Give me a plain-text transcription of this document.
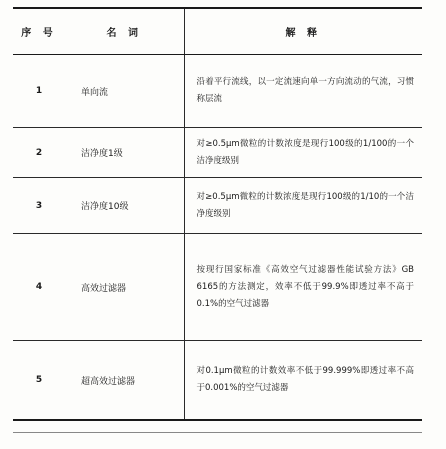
序 号	名 词	解 释
1	单向流	沿着平行流线，以一定流速向单一方向流动的气流，习惯称层流
2	洁净度1级	对≥0.5μm微粒的计数浓度是现行100级的1/100的一个洁净度级别
3	洁净度10级	对≥0.5μm微粒的计数浓度是现行100级的1/10的一个洁净度级别
4	高效过滤器	按现行国家标准《高效空气过滤器性能试验方法》GB 6165的方法测定，效率不低于99.9%即透过率不高于0.1%的空气过滤器
5	超高效过滤器	对0.1μm微粒的计数效率不低于99.999%即透过率不高于0.001%的空气过滤器
